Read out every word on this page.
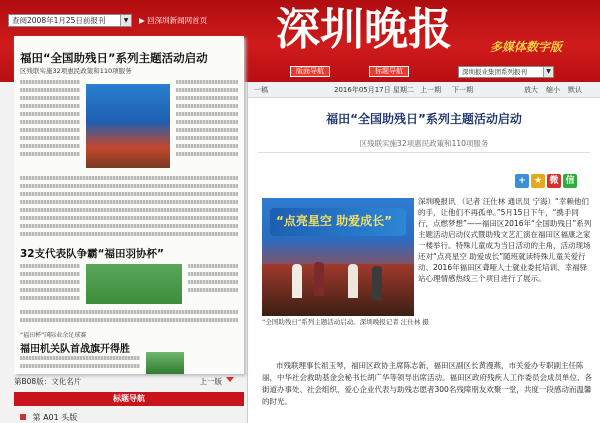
查阅2008年1月25日前报刊	▼	▶ 回深圳新闻网首页 深圳晚报	多媒体数字版
版面导航	标题导航	深圳报业集团系列报刊	▼
福田“全国助残日”系列主题活动启动
区残联实施32项惠民政策和110项服务
32支代表队争霸“福田羽协杯”
“福田杯”国际业余足球赛
福田机关队首战旗开得胜
第B08版：文化名片	上一版
标题导航
第 A01 头版
一稿	2016年05月17日 星期二 上一期 下一期	放大 缩小 默认
福田“全国助残日”系列主题活动启动
区残联实施32项惠民政策和110项服务
+ ★ 微 信
“点亮星空 助爱成长”
“全国助残日”系列主题活动启动。深圳晚报记者 汪仕林 摄
深圳晚报讯 （记者 汪仕林 通讯员 宁海）“幸赖他们的手，让他们不再孤单。”5月15日下午，“携手同行，点燃梦想”——福田区2016年“全国助残日”系列主题活动启动仪式暨助残文艺汇演在福田区福康之家一楼举行。特殊儿童成为当日活动的主角，活动现场还对“点亮星空 助爱成长”随班就读特殊儿童关爱行动、2016年福田区聋哑人士就业委托培训、幸福驿站心理情感热线三个项目进行了展示。

市残联理事长祖玉琴，福田区政协主席陈志新，福田区副区长黄漫燕，市关爱办专职副主任陈丽，中华社会救助基金会秘书长胡广华等领导出席活动。福田区政府残疾人工作委员会成员单位、各街道办事处、社会组织、爱心企业代表与助残志愿者300名残障朋友欢聚一堂，共度一段感动而温馨的时光。
